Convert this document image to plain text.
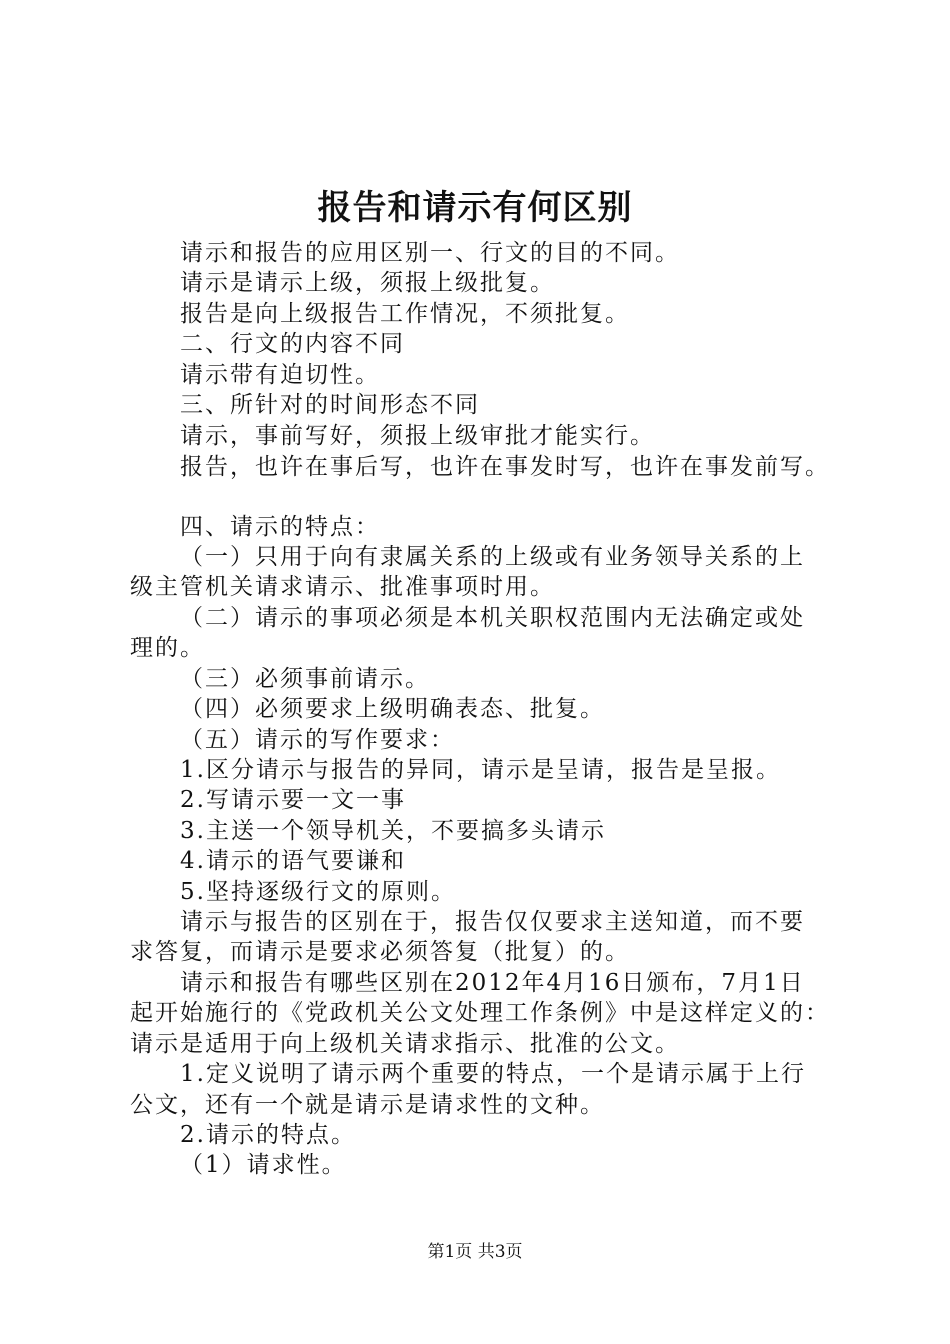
报告和请示有何区别
请示和报告的应用区别一、行文的目的不同。
请示是请示上级，须报上级批复。
报告是向上级报告工作情况，不须批复。
二、行文的内容不同
请示带有迫切性。
三、所针对的时间形态不同
请示，事前写好，须报上级审批才能实行。
报告，也许在事后写，也许在事发时写，也许在事发前写。
四、请示的特点：
（一）只用于向有隶属关系的上级或有业务领导关系的上
级主管机关请求请示、批准事项时用。
（二）请示的事项必须是本机关职权范围内无法确定或处
理的。
（三）必须事前请示。
（四）必须要求上级明确表态、批复。
（五）请示的写作要求：
1.区分请示与报告的异同，请示是呈请，报告是呈报。
2.写请示要一文一事
3.主送一个领导机关，不要搞多头请示
4.请示的语气要谦和
5.坚持逐级行文的原则。
请示与报告的区别在于，报告仅仅要求主送知道，而不要
求答复，而请示是要求必须答复（批复）的。
请示和报告有哪些区别在2012年4月16日颁布，7月1日
起开始施行的《党政机关公文处理工作条例》中是这样定义的：
请示是适用于向上级机关请求指示、批准的公文。
1.定义说明了请示两个重要的特点，一个是请示属于上行
公文，还有一个就是请示是请求性的文种。
2.请示的特点。
（1）请求性。
第1页 共3页
